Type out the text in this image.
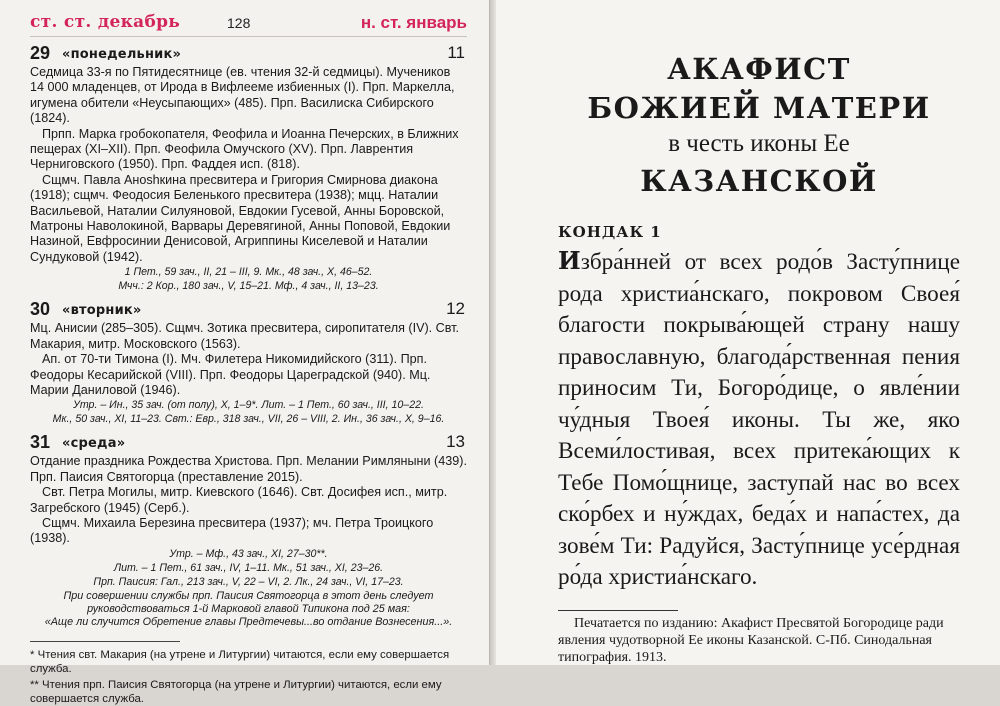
ст. ст. декабрь	128	н. ст. январь
29 «понедельник»	11

Седмица 33-я по Пятидесятнице (ев. чтения 32-й седмицы). Мучеников 14 000 младенцев, от Ирода в Вифлееме избиенных (I). Прп. Маркелла, игумена обители «Неусыпающих» (485). Прп. Василиска Сибирского (1824).

Прпп. Марка гробокопателя, Феофила и Иоанна Печерских, в Ближних пещерах (XI–XII). Прп. Феофила Омучского (XV). Прп. Лаврентия Черниговского (1950). Прп. Фаддея исп. (818).

Сщмч. Павла Аноshкина пресвитера и Григория Смирнова диакона (1918); сщмч. Феодосия Беленького пресвитера (1938); мцц. Наталии Васильевой, Наталии Силуяновой, Евдокии Гусевой, Анны Боровской, Матроны Наволокиной, Варвары Деревягиной, Анны Поповой, Евдокии Назиной, Евфросинии Денисовой, Агриппины Киселевой и Наталии Сундуковой (1942).

1 Пет., 59 зач., II, 21 – III, 9. Мк., 48 зач., X, 46–52.

Мчч.: 2 Кор., 180 зач., V, 15–21. Мф., 4 зач., II, 13–23.

30 «вторник»	12

Мц. Анисии (285–305). Сщмч. Зотика пресвитера, сиропитателя (IV). Свт. Макария, митр. Московского (1563).

Ап. от 70-ти Тимона (I). Мч. Филетера Никомидийского (311). Прп. Феодоры Кесарийской (VIII). Прп. Феодоры Цареградской (940). Мц. Марии Даниловой (1946).

Утр. – Ин., 35 зач. (от полу), X, 1–9*. Лит. – 1 Пет., 60 зач., III, 10–22.

Мк., 50 зач., XI, 11–23. Свт.: Евр., 318 зач., VII, 26 – VIII, 2. Ин., 36 зач., X, 9–16.

31 «среда»	13

Отдание праздника Рождества Христова. Прп. Мелании Римляныни (439). Прп. Паисия Святогорца (преставление 2015).

Свт. Петра Могилы, митр. Киевского (1646). Свт. Досифея исп., митр. Загребского (1945) (Серб.).

Сщмч. Михаила Березина пресвитера (1937); мч. Петра Троицкого (1938).

Утр. – Мф., 43 зач., XI, 27–30**.

Лит. – 1 Пет., 61 зач., IV, 1–11. Мк., 51 зач., XI, 23–26.

Прп. Паисия: Гал., 213 зач., V, 22 – VI, 2. Лк., 24 зач., VI, 17–23.

При совершении службы прп. Паисия Святогорца в этот день следует

руководствоваться 1-й Марковой главой Типикона под 25 мая:

«Аще ли случится Обретение главы Предтечевы...во отдание Вознесения...».

* Чтения свт. Макария (на утрене и Литургии) читаются, если ему совершается служба.

** Чтения прп. Паисия Святогорца (на утрене и Литургии) читаются, если ему совершается служба.

АКАФИСТ
БОЖИЕЙ МАТЕРИ
в честь иконы Ее
КАЗАНСКОЙ
КОНДАК 1
Избра́нней от всех родо́в Засту́пнице рода христиа́нскаго, покровом Своея́ благости покрыва́ющей страну нашу православную, благода́рственная пения приносим Ти, Богоро́дице, о явле́нии чу́дныя Твоея́ иконы. Ты же, яко Всеми́лостивая, всех притека́ющих к Тебе Помо́щнице, заступай нас во всех ско́рбех и ну́ждах, беда́х и напа́стех, да зове́м Ти: Радуйся, Засту́пнице усе́рдная ро́да христиа́нскаго.

Печатается по изданию: Акафист Пресвятой Богородице ради явления чудотворной Ее иконы Казанской. С-Пб. Синодальная типография. 1913.
